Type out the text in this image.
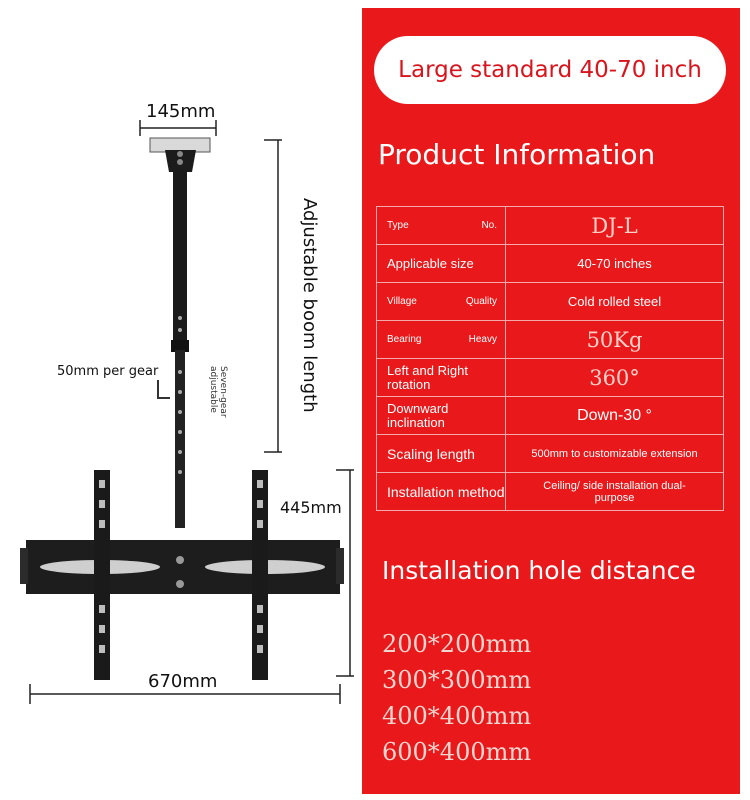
145mm
Adjustable boom length
50mm per gear	Seven-gear adjustable
445mm
670mm
Large standard 40-70 inch
Product Information
Type No.	DJ-L
Applicable size	40-70 inches

Village Quality	Cold rolled steel

Bearing Heavy	50Kg
Left and Right rotation	360°
Downward inclination	Down-30 °
Scaling length	500mm to customizable extension
Installation method	Ceiling/ side installation dual-purpose
Installation hole distance
200*200mm
300*300mm
400*400mm
600*400mm
